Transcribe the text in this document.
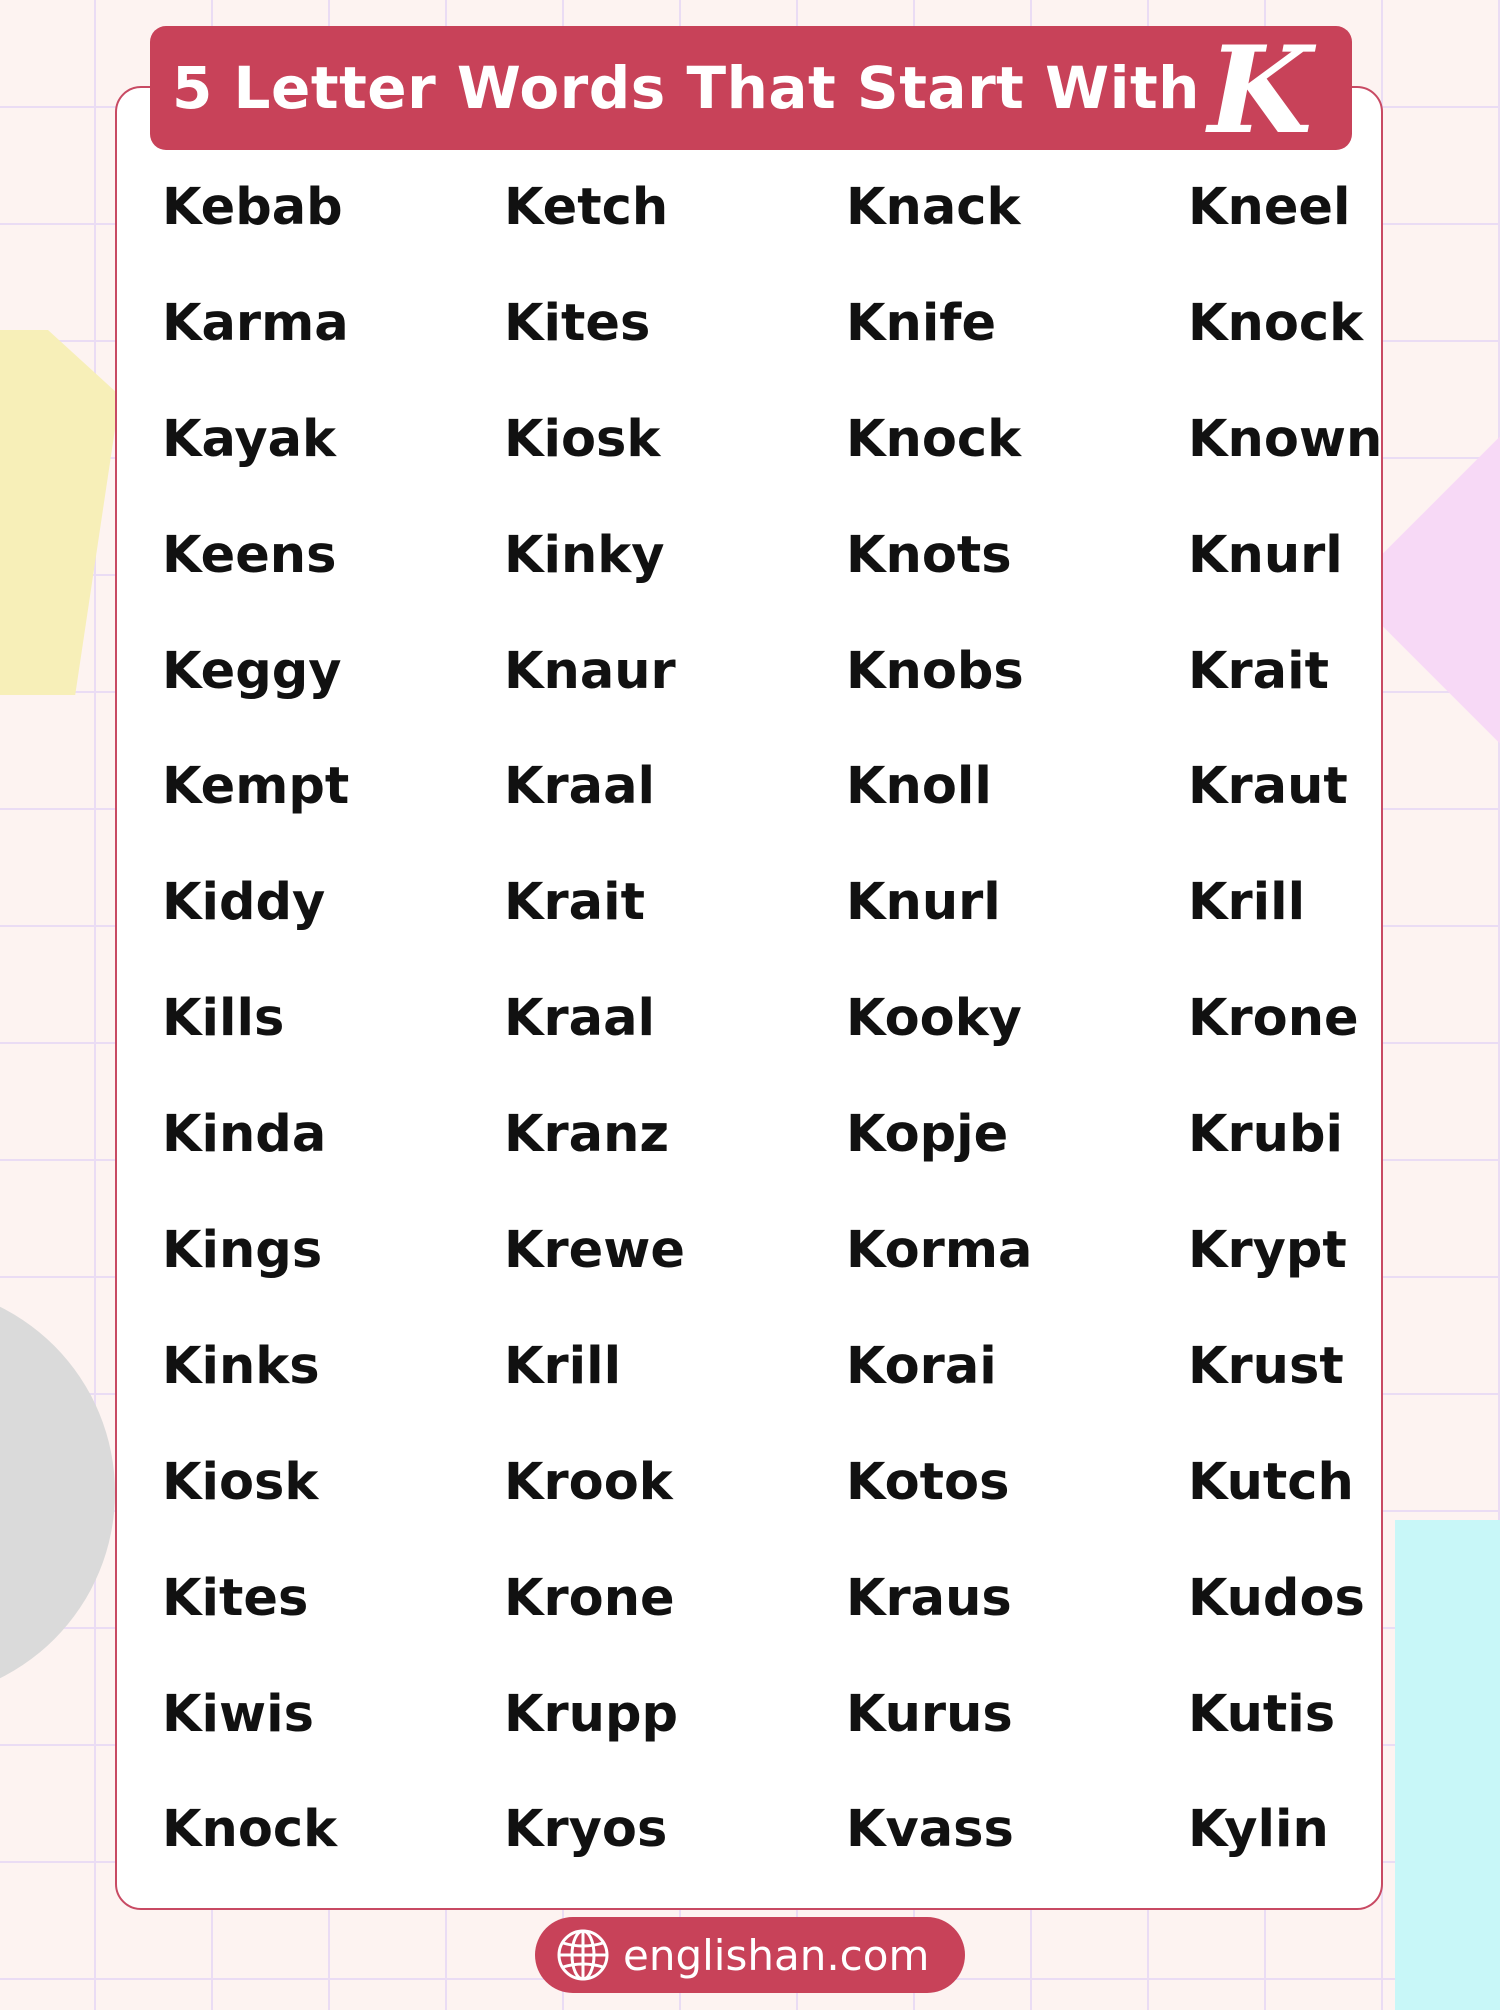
5 Letter Words That Start With K
Kebab	Ketch	Knack	Kneel
Karma	Kites	Knife	Knock
Kayak	Kiosk	Knock	Known
Keens	Kinky	Knots	Knurl
Keggy	Knaur	Knobs	Krait
Kempt	Kraal	Knoll	Kraut
Kiddy	Krait	Knurl	Krill
Kills	Kraal	Kooky	Krone
Kinda	Kranz	Kopje	Krubi
Kings	Krewe	Korma	Krypt
Kinks	Krill	Korai	Krust
Kiosk	Krook	Kotos	Kutch
Kites	Krone	Kraus	Kudos
Kiwis	Krupp	Kurus	Kutis
Knock	Kryos	Kvass	Kylin
englishan.com
